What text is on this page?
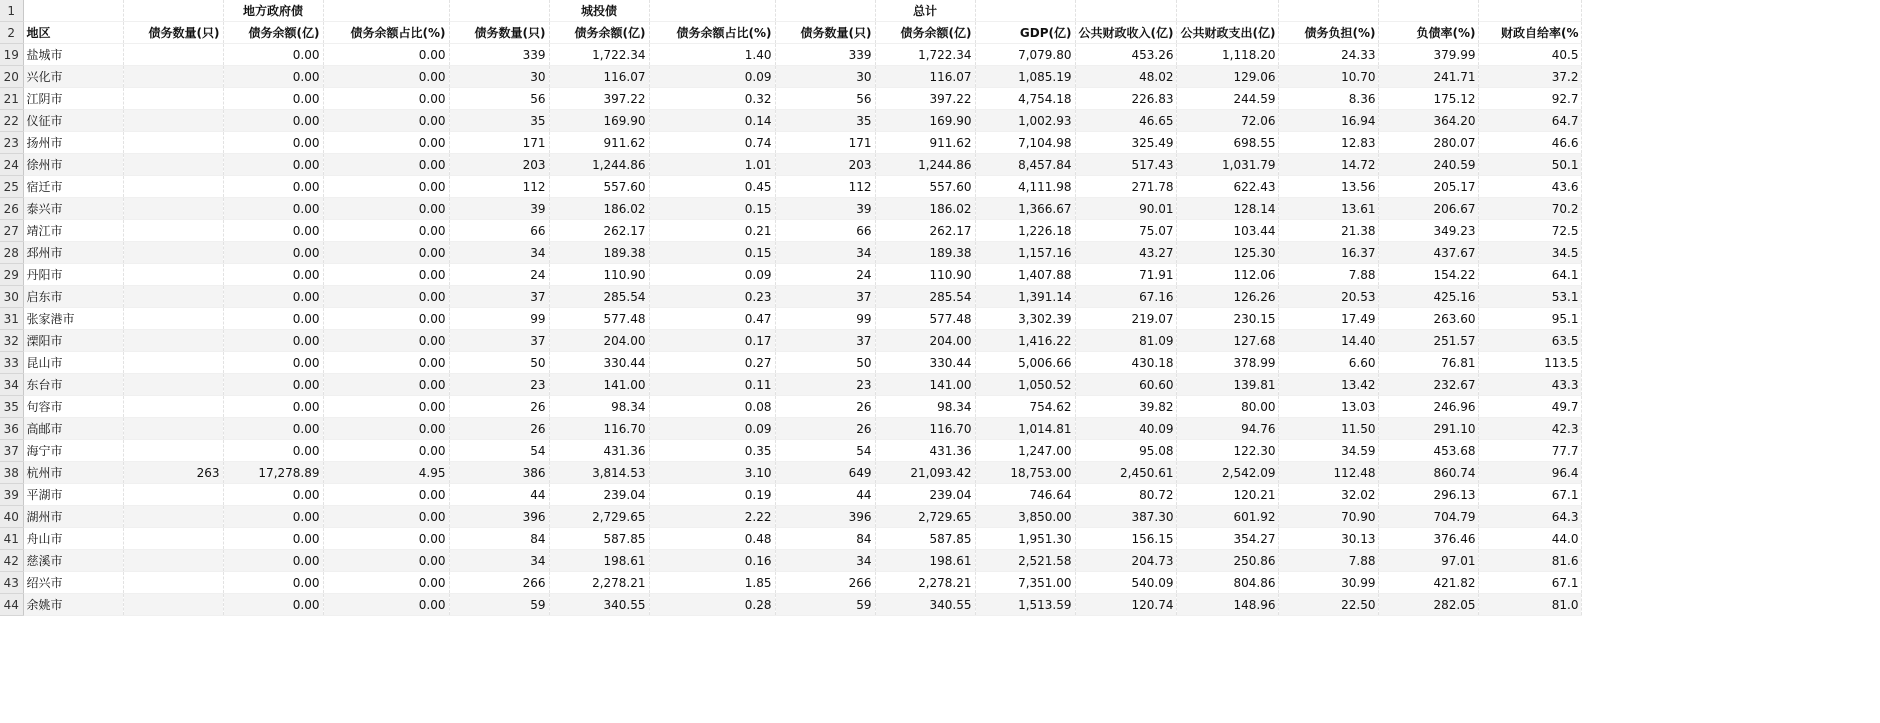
1			地方政府债			城投债			总计						
2	地区	债务数量(只)	债务余额(亿)	债务余额占比(%)	债务数量(只)	债务余额(亿)	债务余额占比(%)	债务数量(只)	债务余额(亿)	GDP(亿)	公共财政收入(亿)	公共财政支出(亿)	债务负担(%)	负债率(%)	财政自给率(%
19	盐城市		0.00	0.00	339	1,722.34	1.40	339	1,722.34	7,079.80	453.26	1,118.20	24.33	379.99	40.5
20	兴化市		0.00	0.00	30	116.07	0.09	30	116.07	1,085.19	48.02	129.06	10.70	241.71	37.2
21	江阴市		0.00	0.00	56	397.22	0.32	56	397.22	4,754.18	226.83	244.59	8.36	175.12	92.7
22	仪征市		0.00	0.00	35	169.90	0.14	35	169.90	1,002.93	46.65	72.06	16.94	364.20	64.7
23	扬州市		0.00	0.00	171	911.62	0.74	171	911.62	7,104.98	325.49	698.55	12.83	280.07	46.6
24	徐州市		0.00	0.00	203	1,244.86	1.01	203	1,244.86	8,457.84	517.43	1,031.79	14.72	240.59	50.1
25	宿迁市		0.00	0.00	112	557.60	0.45	112	557.60	4,111.98	271.78	622.43	13.56	205.17	43.6
26	泰兴市		0.00	0.00	39	186.02	0.15	39	186.02	1,366.67	90.01	128.14	13.61	206.67	70.2
27	靖江市		0.00	0.00	66	262.17	0.21	66	262.17	1,226.18	75.07	103.44	21.38	349.23	72.5
28	邳州市		0.00	0.00	34	189.38	0.15	34	189.38	1,157.16	43.27	125.30	16.37	437.67	34.5
29	丹阳市		0.00	0.00	24	110.90	0.09	24	110.90	1,407.88	71.91	112.06	7.88	154.22	64.1
30	启东市		0.00	0.00	37	285.54	0.23	37	285.54	1,391.14	67.16	126.26	20.53	425.16	53.1
31	张家港市		0.00	0.00	99	577.48	0.47	99	577.48	3,302.39	219.07	230.15	17.49	263.60	95.1
32	溧阳市		0.00	0.00	37	204.00	0.17	37	204.00	1,416.22	81.09	127.68	14.40	251.57	63.5
33	昆山市		0.00	0.00	50	330.44	0.27	50	330.44	5,006.66	430.18	378.99	6.60	76.81	113.5
34	东台市		0.00	0.00	23	141.00	0.11	23	141.00	1,050.52	60.60	139.81	13.42	232.67	43.3
35	句容市		0.00	0.00	26	98.34	0.08	26	98.34	754.62	39.82	80.00	13.03	246.96	49.7
36	高邮市		0.00	0.00	26	116.70	0.09	26	116.70	1,014.81	40.09	94.76	11.50	291.10	42.3
37	海宁市		0.00	0.00	54	431.36	0.35	54	431.36	1,247.00	95.08	122.30	34.59	453.68	77.7
38	杭州市	263	17,278.89	4.95	386	3,814.53	3.10	649	21,093.42	18,753.00	2,450.61	2,542.09	112.48	860.74	96.4
39	平湖市		0.00	0.00	44	239.04	0.19	44	239.04	746.64	80.72	120.21	32.02	296.13	67.1
40	湖州市		0.00	0.00	396	2,729.65	2.22	396	2,729.65	3,850.00	387.30	601.92	70.90	704.79	64.3
41	舟山市		0.00	0.00	84	587.85	0.48	84	587.85	1,951.30	156.15	354.27	30.13	376.46	44.0
42	慈溪市		0.00	0.00	34	198.61	0.16	34	198.61	2,521.58	204.73	250.86	7.88	97.01	81.6
43	绍兴市		0.00	0.00	266	2,278.21	1.85	266	2,278.21	7,351.00	540.09	804.86	30.99	421.82	67.1
44	余姚市		0.00	0.00	59	340.55	0.28	59	340.55	1,513.59	120.74	148.96	22.50	282.05	81.0
